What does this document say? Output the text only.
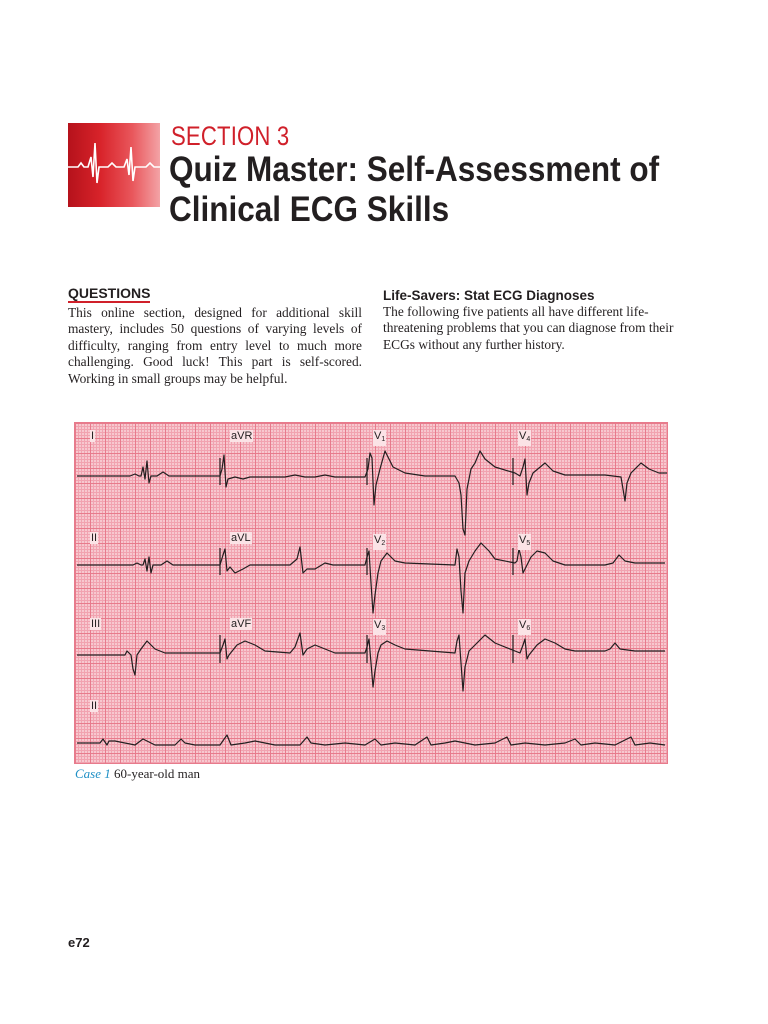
SECTION 3
Quiz Master: Self-Assessment of Clinical ECG Skills
QUESTIONS
This online section, designed for additional skill mastery, includes 50 questions of varying levels of difficulty, ranging from entry level to much more challenging. Good luck! This part is self-scored. Working in small groups may be helpful.
Life-Savers: Stat ECG Diagnoses
The following five patients all have different life-threatening problems that you can diagnose from their ECGs without any further history.
I	aVR	$V_1$	$V_4$
II	aVL	$V_2$	$V_5$
III	aVF	$V_3$	$V_6$
II
Case 1 60-year-old man
e72
